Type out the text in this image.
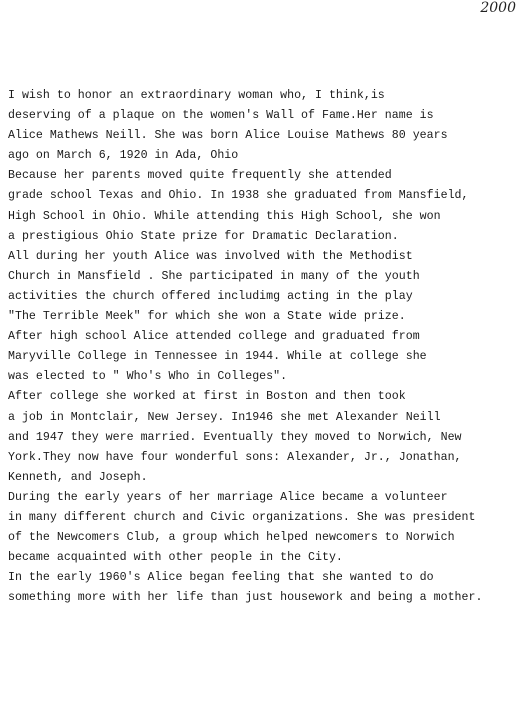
2000
I wish to honor an extraordinary woman who, I think,is
deserving of a plaque on the women's Wall of Fame.Her name is
Alice Mathews Neill. She was born Alice Louise Mathews 80 years
ago on March 6, 1920 in Ada, Ohio
Because her parents moved quite frequently she attended
grade school Texas and Ohio. In 1938 she graduated from Mansfield,
High School in Ohio. While attending this High School, she won
a prestigious Ohio State prize for Dramatic Declaration.
All during her youth Alice was involved with the Methodist
Church in Mansfield . She participated in many of the youth
activities the church offered includimg acting in the play
"The Terrible Meek" for which she won a State wide prize.
After high school Alice attended college and graduated from
Maryville College in Tennessee in 1944. While at college she
was elected to " Who's Who in Colleges".
After college she worked at first in Boston and then took
a job in Montclair, New Jersey. In1946 she met Alexander Neill
and 1947 they were married. Eventually they moved to Norwich, New
York.They now have four wonderful sons: Alexander, Jr., Jonathan,
Kenneth, and Joseph.
During the early years of her marriage Alice became a volunteer
in many different church and Civic organizations. She was president
of the Newcomers Club, a group which helped newcomers to Norwich
became acquainted with other people in the City.
In the early 1960's Alice began feeling that she wanted to do
something more with her life than just housework and being a mother.
